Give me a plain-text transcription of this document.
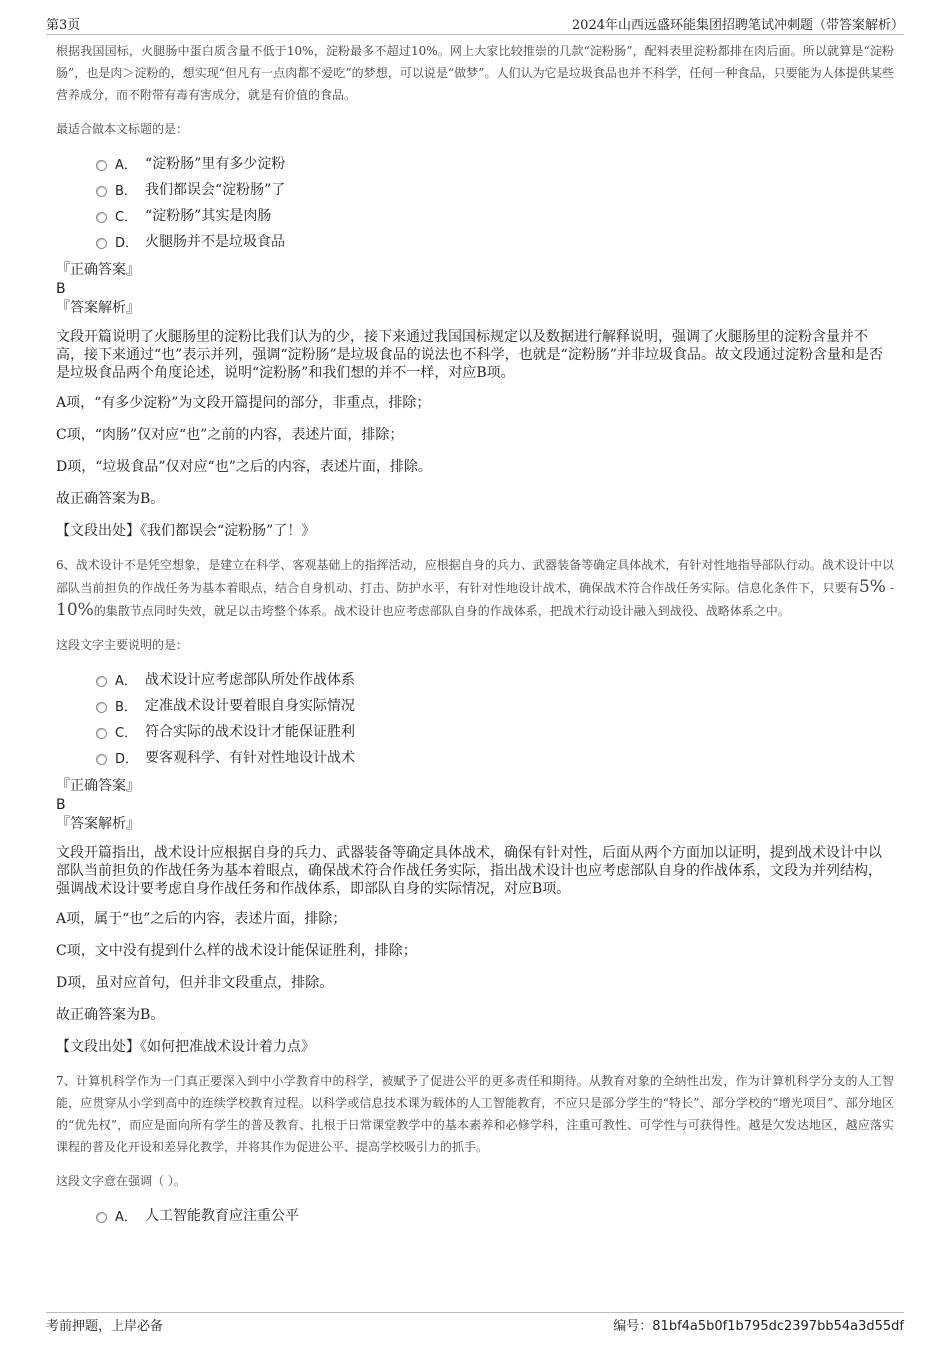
第3页	2024年山西远盛环能集团招聘笔试冲刺题（带答案解析）

根据我国国标，火腿肠中蛋白质含量不低于10%，淀粉最多不超过10%。网上大家比较推崇的几款“淀粉肠”，配料表里淀粉都排在肉后面。所以就算是“淀粉肠”，也是肉＞淀粉的，想实现“但凡有一点肉都不爱吃”的梦想，可以说是“做梦”。人们认为它是垃圾食品也并不科学，任何一种食品，只要能为人体提供某些营养成分，而不附带有毒有害成分，就是有价值的食品。

最适合做本文标题的是：

A． “淀粉肠”里有多少淀粉
B． 我们都误会“淀粉肠”了
C． “淀粉肠”其实是肉肠
D． 火腿肠并不是垃圾食品
『正确答案』
B
『答案解析』

文段开篇说明了火腿肠里的淀粉比我们认为的少，接下来通过我国国标规定以及数据进行解释说明，强调了火腿肠里的淀粉含量并不高，接下来通过“也”表示并列，强调“淀粉肠”是垃圾食品的说法也不科学，也就是“淀粉肠”并非垃圾食品。故文段通过淀粉含量和是否是垃圾食品两个角度论述，说明“淀粉肠”和我们想的并不一样，对应B项。

A项，“有多少淀粉”为文段开篇提问的部分，非重点，排除；

C项，“肉肠”仅对应“也”之前的内容，表述片面，排除；

D项，“垃圾食品”仅对应“也”之后的内容，表述片面，排除。

故正确答案为B。

【文段出处】《我们都误会“淀粉肠”了！》

6、战术设计不是凭空想象，是建立在科学、客观基础上的指挥活动，应根据自身的兵力、武器装备等确定具体战术，有针对性地指导部队行动。战术设计中以部队当前担负的作战任务为基本着眼点，结合自身机动、打击、防护水平，有针对性地设计战术，确保战术符合作战任务实际。信息化条件下，只要有5% - 10%的集散节点同时失效，就足以击垮整个体系。战术设计也应考虑部队自身的作战体系，把战术行动设计融入到战役、战略体系之中。

这段文字主要说明的是：

A． 战术设计应考虑部队所处作战体系
B． 定准战术设计要着眼自身实际情况
C． 符合实际的战术设计才能保证胜利
D． 要客观科学、有针对性地设计战术
『正确答案』
B
『答案解析』

文段开篇指出，战术设计应根据自身的兵力、武器装备等确定具体战术，确保有针对性，后面从两个方面加以证明，提到战术设计中以部队当前担负的作战任务为基本着眼点，确保战术符合作战任务实际，指出战术设计也应考虑部队自身的作战体系，文段为并列结构，强调战术设计要考虑自身作战任务和作战体系，即部队自身的实际情况，对应B项。

A项，属于“也”之后的内容，表述片面，排除；

C项，文中没有提到什么样的战术设计能保证胜利，排除；

D项，虽对应首句，但并非文段重点，排除。

故正确答案为B。

【文段出处】《如何把准战术设计着力点》

7、计算机科学作为一门真正要深入到中小学教育中的科学，被赋予了促进公平的更多责任和期待。从教育对象的全纳性出发，作为计算机科学分支的人工智能，应贯穿从小学到高中的连续学校教育过程。以科学或信息技术课为载体的人工智能教育，不应只是部分学生的“特长”、部分学校的“增光项目”、部分地区的“优先权”，而应是面向所有学生的普及教育、扎根于日常课堂教学中的基本素养和必修学科，注重可教性、可学性与可获得性。越是欠发达地区，越应落实课程的普及化开设和差异化教学，并将其作为促进公平、提高学校吸引力的抓手。

这段文字意在强调（ ）。

A． 人工智能教育应注重公平
考前押题，上岸必备	编号：81bf4a5b0f1b795dc2397bb54a3d55df
